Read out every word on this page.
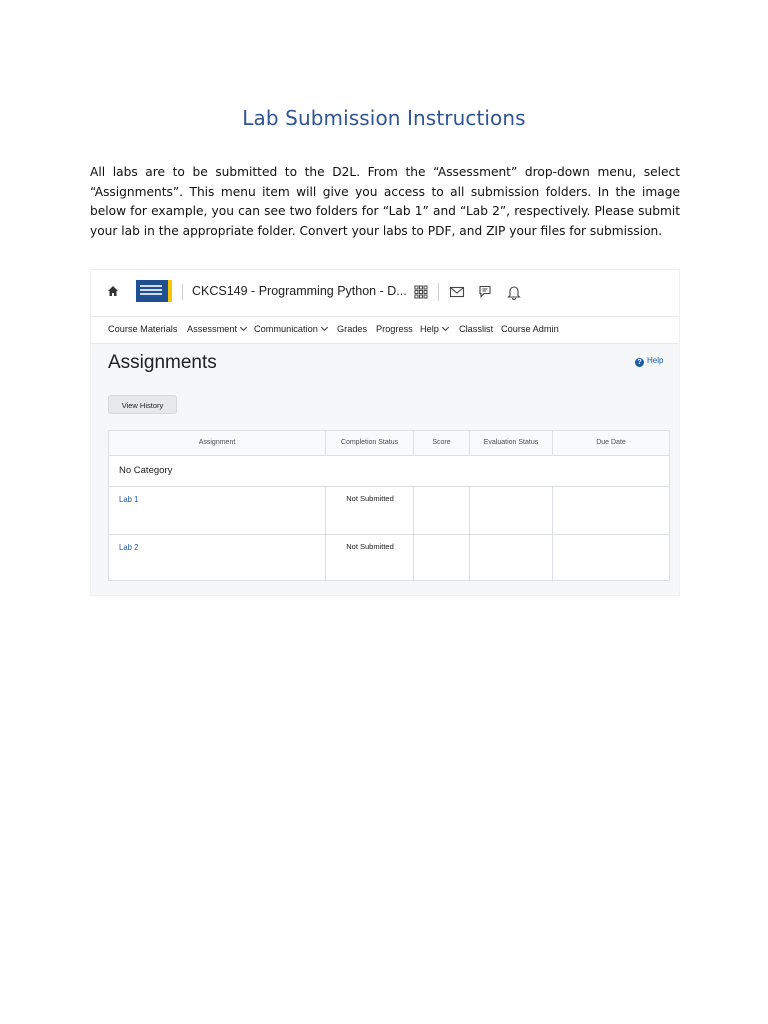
Lab Submission Instructions
All labs are to be submitted to the D2L. From the “Assessment” drop-down menu, select “Assignments”. This menu item will give you access to all submission folders. In the image below for example, you can see two folders for “Lab 1” and “Lab 2”, respectively. Please submit your lab in the appropriate folder. Convert your labs to PDF, and ZIP your files for submission.
CKCS149 - Programming Python - D...
Course Materials Assessment	Communication	Grades Progress Help	Classlist Course Admin
Assignments	? Help
View History
Assignment	Completion Status	Score	Evaluation Status	Due Date
No Category
Lab 1	Not Submitted
Lab 2	Not Submitted
